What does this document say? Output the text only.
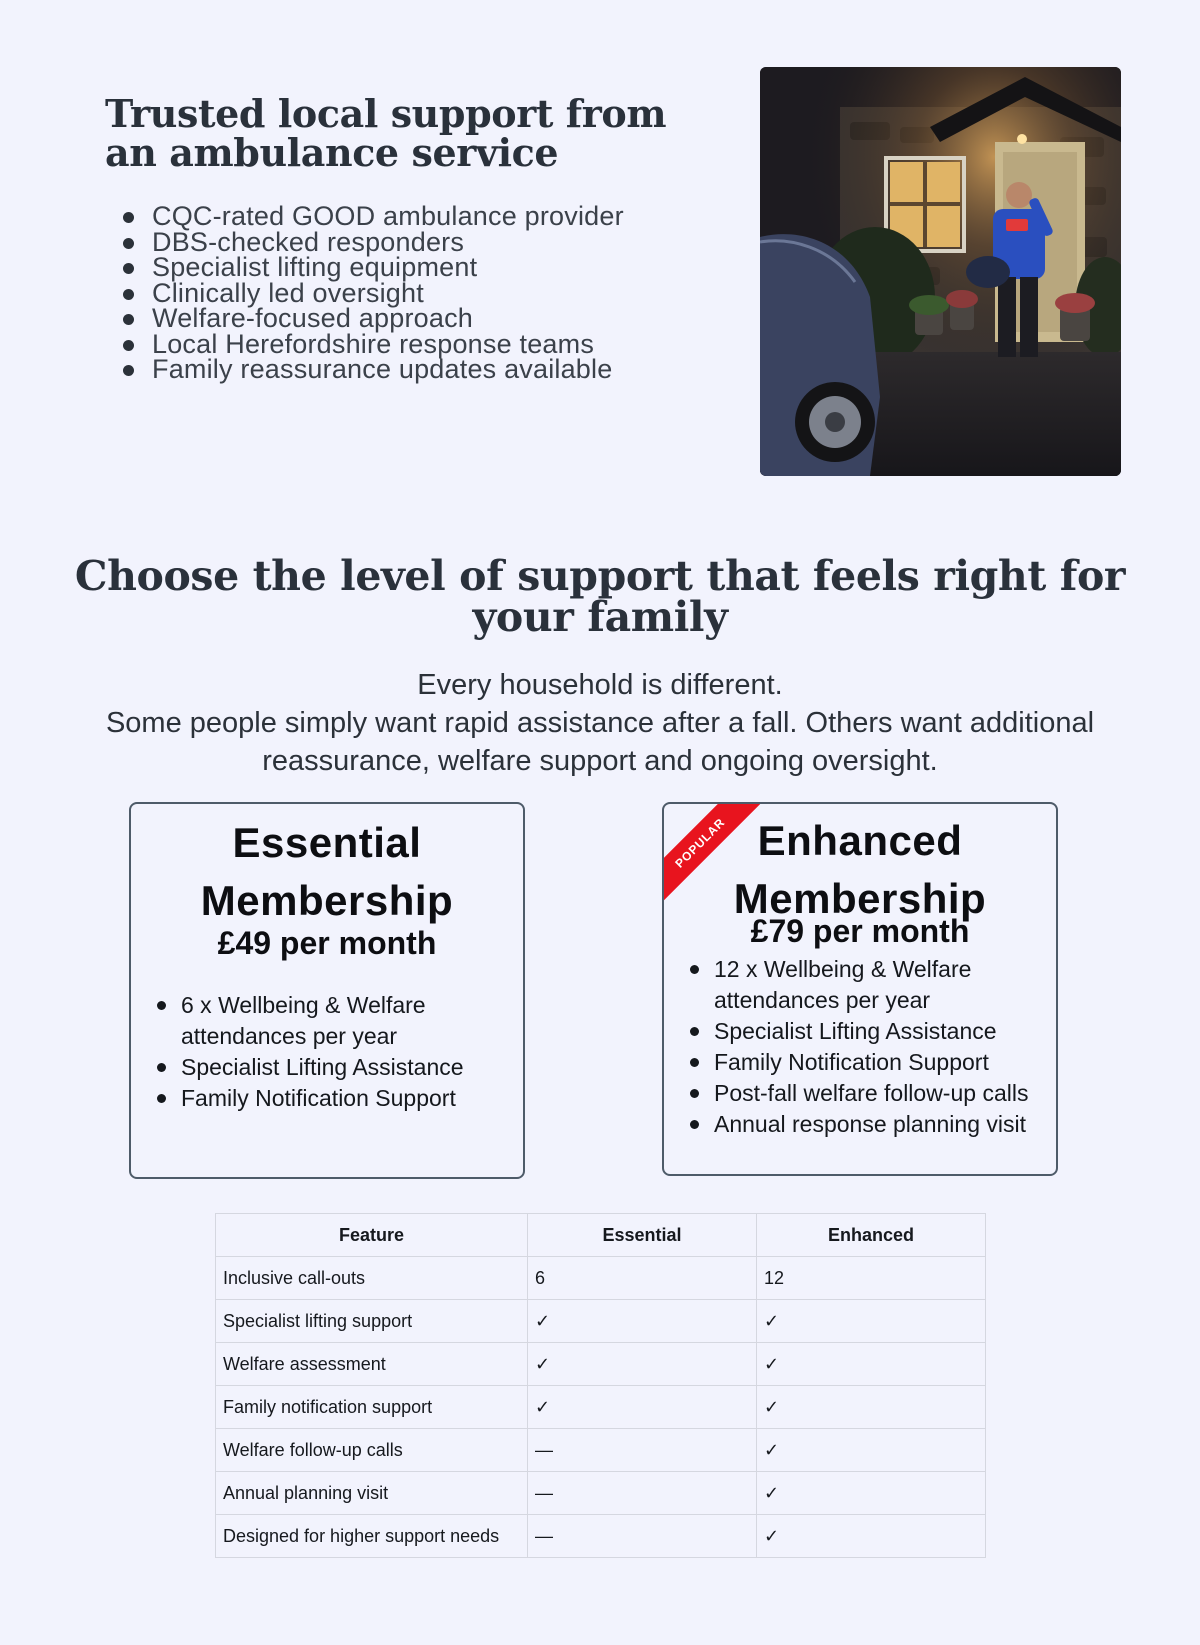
Trusted local support from an ambulance service
CQC-rated GOOD ambulance provider
DBS-checked responders
Specialist lifting equipment
Clinically led oversight
Welfare-focused approach
Local Herefordshire response teams
Family reassurance updates available
Choose the level of support that feels right for your family

Every household is different.

Some people simply want rapid assistance after a fall. Others want additional reassurance, welfare support and ongoing oversight.

Essential Membership
£49 per month
6 x Wellbeing & Welfare attendances per year
Specialist Lifting Assistance
Family Notification Support
POPULAR Enhanced Membership
£79 per month
12 x Wellbeing & Welfare attendances per year
Specialist Lifting Assistance
Family Notification Support
Post-fall welfare follow-up calls
Annual response planning visit
Feature	Essential	Enhanced
Inclusive call-outs	6	12
Specialist lifting support	✓	✓
Welfare assessment	✓	✓
Family notification support	✓	✓
Welfare follow-up calls	—	✓
Annual planning visit	—	✓
Designed for higher support needs	—	✓
